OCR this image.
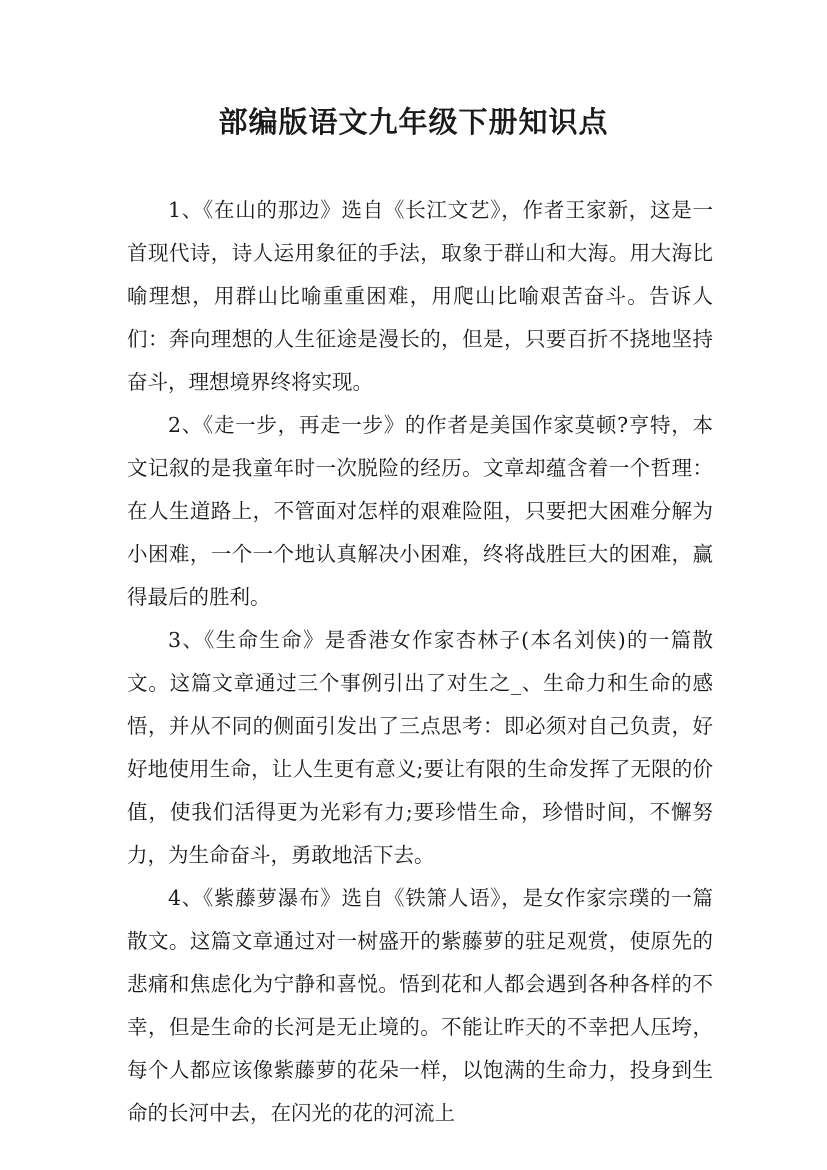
部编版语文九年级下册知识点

1、《在山的那边》选自《长江文艺》，作者王家新，这是一首现代诗，诗人运用象征的手法，取象于群山和大海。用大海比喻理想，用群山比喻重重困难，用爬山比喻艰苦奋斗。告诉人们：奔向理想的人生征途是漫长的，但是，只要百折不挠地坚持奋斗，理想境界终将实现。

2、《走一步，再走一步》的作者是美国作家莫顿?亨特，本文记叙的是我童年时一次脱险的经历。文章却蕴含着一个哲理：在人生道路上，不管面对怎样的艰难险阻，只要把大困难分解为小困难，一个一个地认真解决小困难，终将战胜巨大的困难，赢得最后的胜利。

3、《生命生命》是香港女作家杏林子(本名刘侠)的一篇散文。这篇文章通过三个事例引出了对生之_、生命力和生命的感悟，并从不同的侧面引发出了三点思考：即必须对自己负责，好好地使用生命，让人生更有意义;要让有限的生命发挥了无限的价值，使我们活得更为光彩有力;要珍惜生命，珍惜时间，不懈努力，为生命奋斗，勇敢地活下去。

4、《紫藤萝瀑布》选自《铁箫人语》，是女作家宗璞的一篇散文。这篇文章通过对一树盛开的紫藤萝的驻足观赏，使原先的悲痛和焦虑化为宁静和喜悦。悟到花和人都会遇到各种各样的不幸，但是生命的长河是无止境的。不能让昨天的不幸把人压垮，每个人都应该像紫藤萝的花朵一样，以饱满的生命力，投身到生命的长河中去，在闪光的花的河流上
